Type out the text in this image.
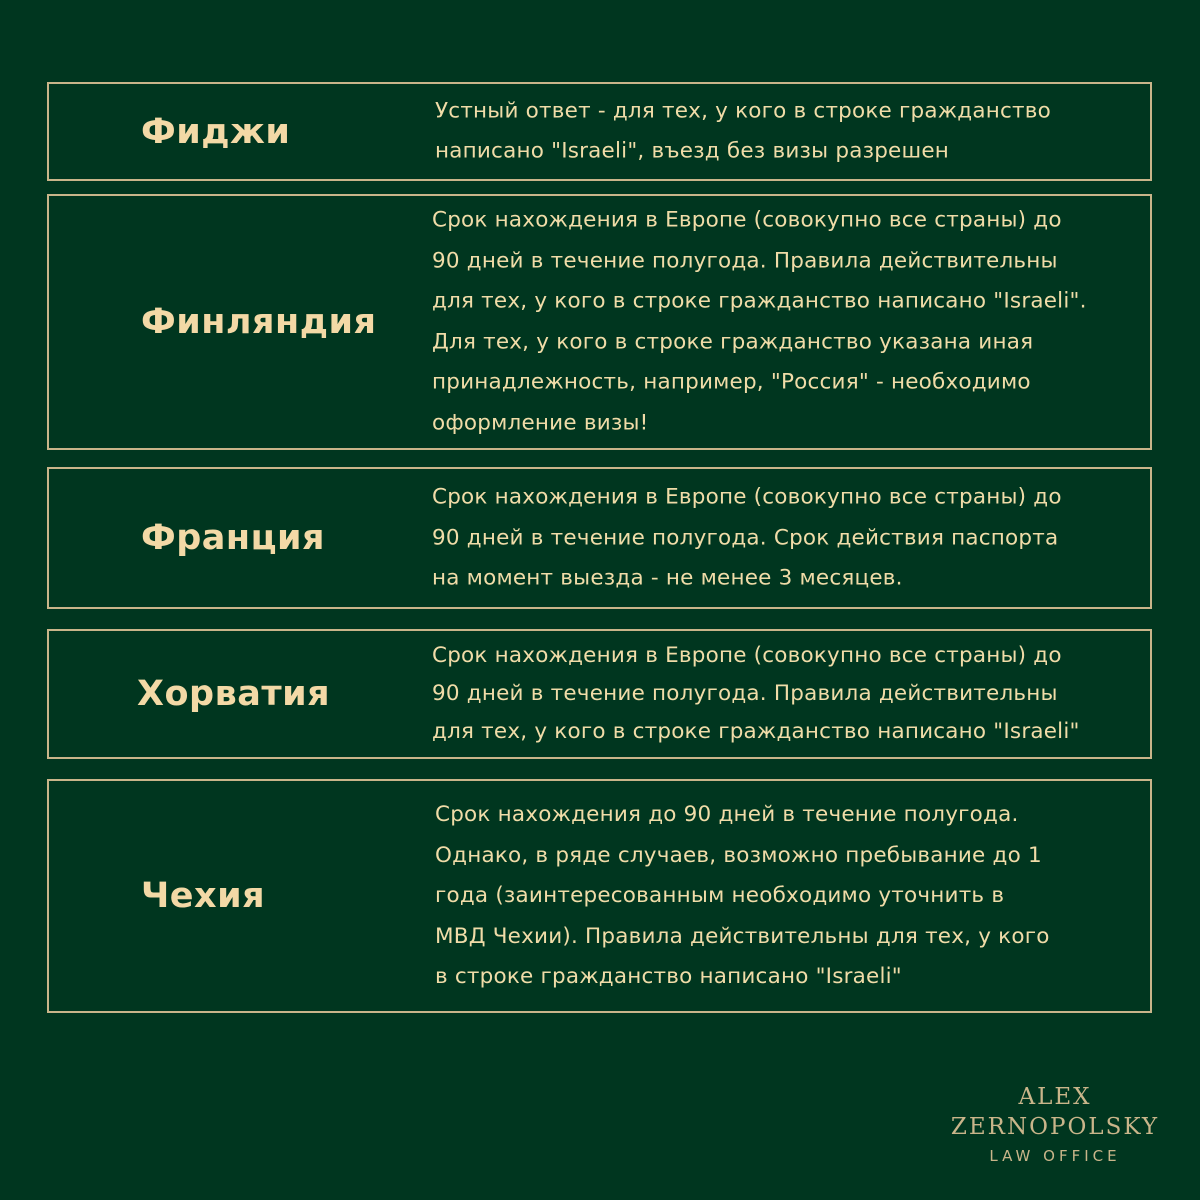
Фиджи
Устный ответ - для тех, у кого в строке гражданство
написано "Israeli", въезд без визы разрешен
Финляндия
Срок нахождения в Европе (совокупно все страны) до
90 дней в течение полугода. Правила действительны
для тех, у кого в строке гражданство написано "Israeli".
Для тех, у кого в строке гражданство указана иная
принадлежность, например, "Россия" - необходимо
оформление визы!
Франция
Срок нахождения в Европе (совокупно все страны) до
90 дней в течение полугода. Срок действия паспорта
на момент выезда - не менее 3 месяцев.
Хорватия
Срок нахождения в Европе (совокупно все страны) до
90 дней в течение полугода. Правила действительны
для тех, у кого в строке гражданство написано "Israeli"
Чехия
Срок нахождения до 90 дней в течение полугода.
Однако, в ряде случаев, возможно пребывание до 1
года (заинтересованным необходимо уточнить в
МВД Чехии). Правила действительны для тех, у кого
в строке гражданство написано "Israeli"
ALEX
ZERNOPOLSKY
LAW OFFICE
